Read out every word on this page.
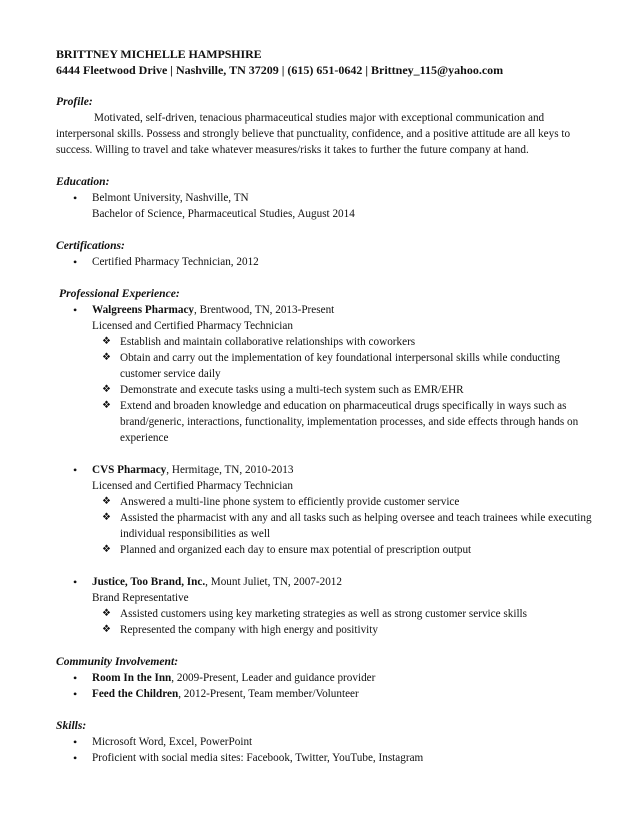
BRITTNEY MICHELLE HAMPSHIRE
6444 Fleetwood Drive | Nashville, TN 37209 | (615) 651-0642 | Brittney_115@yahoo.com
Profile:
Motivated, self-driven, tenacious pharmaceutical studies major with exceptional communication and interpersonal skills. Possess and strongly believe that punctuality, confidence, and a positive attitude are all keys to success. Willing to travel and take whatever measures/risks it takes to further the future company at hand.
Education:
• Belmont University, Nashville, TN
Bachelor of Science, Pharmaceutical Studies, August 2014
Certifications:
• Certified Pharmacy Technician, 2012
Professional Experience:
• Walgreens Pharmacy, Brentwood, TN, 2013-Present
Licensed and Certified Pharmacy Technician
❖ Establish and maintain collaborative relationships with coworkers
❖ Obtain and carry out the implementation of key foundational interpersonal skills while conducting customer service daily
❖ Demonstrate and execute tasks using a multi-tech system such as EMR/EHR
❖ Extend and broaden knowledge and education on pharmaceutical drugs specifically in ways such as brand/generic, interactions, functionality, implementation processes, and side effects through hands on experience
• CVS Pharmacy, Hermitage, TN, 2010-2013
Licensed and Certified Pharmacy Technician
❖ Answered a multi-line phone system to efficiently provide customer service
❖ Assisted the pharmacist with any and all tasks such as helping oversee and teach trainees while executing individual responsibilities as well
❖ Planned and organized each day to ensure max potential of prescription output
• Justice, Too Brand, Inc., Mount Juliet, TN, 2007-2012
Brand Representative
❖ Assisted customers using key marketing strategies as well as strong customer service skills
❖ Represented the company with high energy and positivity
Community Involvement:
• Room In the Inn, 2009-Present, Leader and guidance provider
• Feed the Children, 2012-Present, Team member/Volunteer
Skills:
• Microsoft Word, Excel, PowerPoint
• Proficient with social media sites: Facebook, Twitter, YouTube, Instagram
